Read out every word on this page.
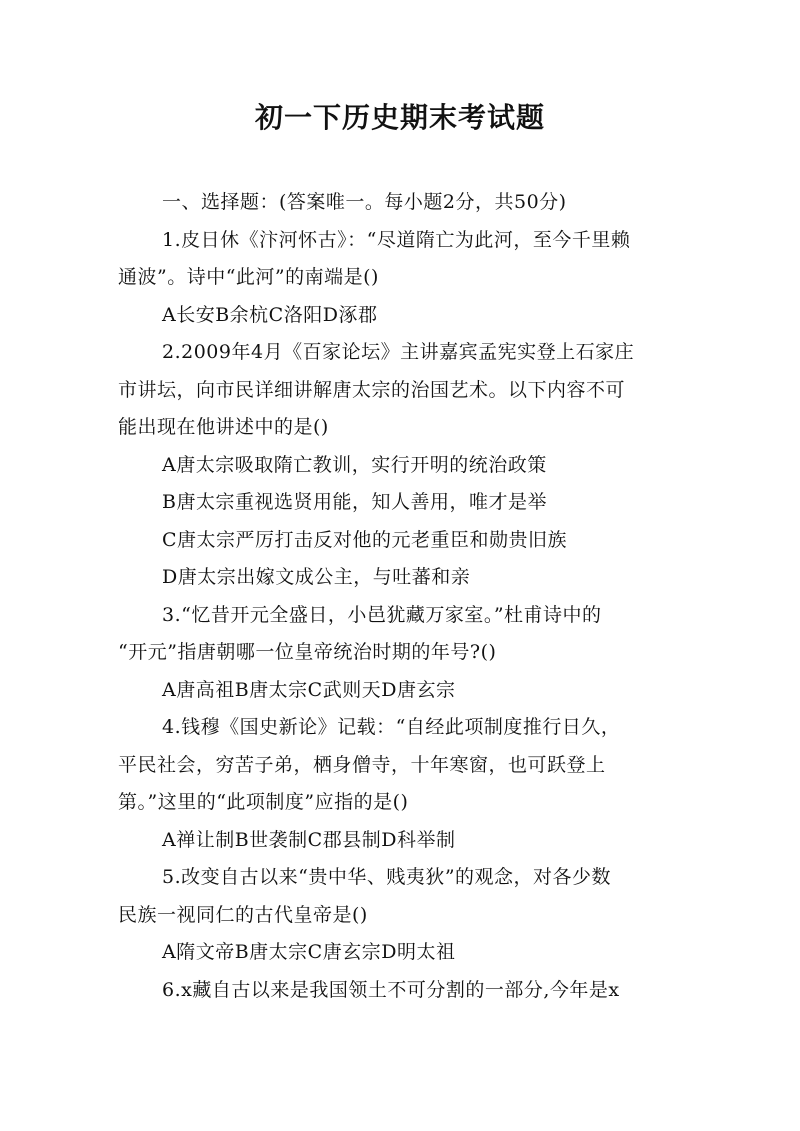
初一下历史期末考试题
一、选择题：(答案唯一。每小题2分，共50分)
1.皮日休《汴河怀古》：“尽道隋亡为此河，至今千里赖
通波”。诗中“此河”的南端是()
A长安B余杭C洛阳D涿郡
2.2009年4月《百家论坛》主讲嘉宾孟宪实登上石家庄
市讲坛，向市民详细讲解唐太宗的治国艺术。以下内容不可
能出现在他讲述中的是()
A唐太宗吸取隋亡教训，实行开明的统治政策
B唐太宗重视选贤用能，知人善用，唯才是举
C唐太宗严厉打击反对他的元老重臣和勋贵旧族
D唐太宗出嫁文成公主，与吐蕃和亲
3.“忆昔开元全盛日，小邑犹藏万家室。”杜甫诗中的
“开元”指唐朝哪一位皇帝统治时期的年号?()
A唐高祖B唐太宗C武则天D唐玄宗
4.钱穆《国史新论》记载：“自经此项制度推行日久，
平民社会，穷苦子弟，栖身僧寺，十年寒窗，也可跃登上
第。”这里的“此项制度”应指的是()
A禅让制B世袭制C郡县制D科举制
5.改变自古以来“贵中华、贱夷狄”的观念，对各少数
民族一视同仁的古代皇帝是()
A隋文帝B唐太宗C唐玄宗D明太祖
6.x藏自古以来是我国领土不可分割的一部分,今年是x
